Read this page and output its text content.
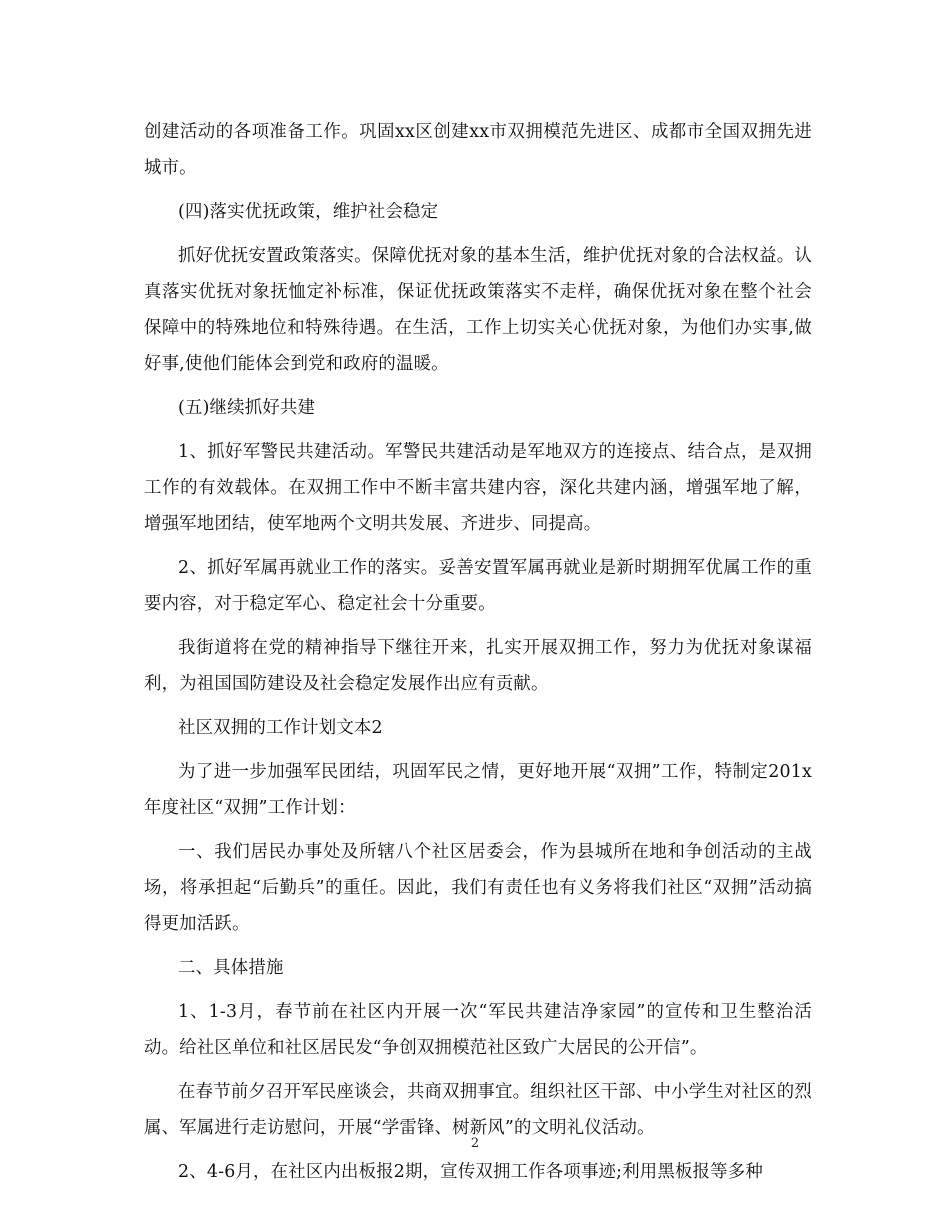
创建活动的各项准备工作。巩固xx区创建xx市双拥模范先进区、成都市全国双拥先进城市。

(四)落实优抚政策，维护社会稳定

抓好优抚安置政策落实。保障优抚对象的基本生活，维护优抚对象的合法权益。认真落实优抚对象抚恤定补标准，保证优抚政策落实不走样，确保优抚对象在整个社会保障中的特殊地位和特殊待遇。在生活，工作上切实关心优抚对象，为他们办实事,做好事,使他们能体会到党和政府的温暖。

(五)继续抓好共建

1、抓好军警民共建活动。军警民共建活动是军地双方的连接点、结合点，是双拥工作的有效载体。在双拥工作中不断丰富共建内容，深化共建内涵，增强军地了解，增强军地团结，使军地两个文明共发展、齐进步、同提高。

2、抓好军属再就业工作的落实。妥善安置军属再就业是新时期拥军优属工作的重要内容，对于稳定军心、稳定社会十分重要。

我街道将在党的精神指导下继往开来，扎实开展双拥工作，努力为优抚对象谋福利，为祖国国防建设及社会稳定发展作出应有贡献。

社区双拥的工作计划文本2

为了进一步加强军民团结，巩固军民之情，更好地开展“双拥”工作，特制定201x年度社区“双拥”工作计划：

一、我们居民办事处及所辖八个社区居委会，作为县城所在地和争创活动的主战场，将承担起“后勤兵”的重任。因此，我们有责任也有义务将我们社区“双拥”活动搞得更加活跃。

二、具体措施

1、1-3月，春节前在社区内开展一次“军民共建洁净家园”的宣传和卫生整治活动。给社区单位和社区居民发“争创双拥模范社区致广大居民的公开信”。

在春节前夕召开军民座谈会，共商双拥事宜。组织社区干部、中小学生对社区的烈属、军属进行走访慰问，开展“学雷锋、树新风”的文明礼仪活动。

2、4-6月，在社区内出板报2期，宣传双拥工作各项事迹;利用黑板报等多种

2
